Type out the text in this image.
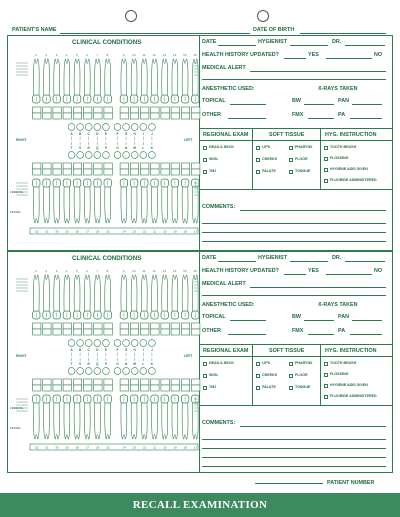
PATIENT'S NAME	DATE OF BIRTH
DATE	HYGIENIST	DR.
HEALTH HISTORY UPDATED?	YES	NO
MEDICAL ALERT
ANESTHETIC USED:	X-RAYS TAKEN
TOPICAL	BW	PAN
OTHER	FMX	PA
REGIONAL EXAM	SOFT TISSUE	HYG. INSTRUCTION
HEAD & NECK	LIPS	PHARYNX
SKIN	CHEEKS	FLOOR
TMJ	PALATE	TONGUE
TOOTH BRUSH
FLOSSING
HYGIENE AIDS GIVEN
FLUORIDE ADMINISTERED
COMMENTS:
CLINICAL CONDITIONS
1	2	3	4	5	6	7	8	9	10 11 12 13 14 15 16
A B C D E	F G H I J
T S R Q P	O N M L K
RIGHT	LEFT
LINGUAL
FACIAL
32 31 30 29 28 27 26 25	24 23 22 21 20 19 18 17
DATE	HYGIENIST	DR.
HEALTH HISTORY UPDATED?	YES	NO
MEDICAL ALERT
ANESTHETIC USED:	X-RAYS TAKEN
TOPICAL	BW	PAN
OTHER	FMX	PA
REGIONAL EXAM	SOFT TISSUE	HYG. INSTRUCTION
HEAD & NECK	LIPS	PHARYNX
SKIN	CHEEKS	FLOOR
TMJ	PALATE	TONGUE
TOOTH BRUSH
FLOSSING
HYGIENE AIDS GIVEN
FLUORIDE ADMINISTERED
COMMENTS:
CLINICAL CONDITIONS
1	2	3	4	5	6	7	8	9	10 11 12 13 14 15 16
A B C D E	F G H I J
T S R Q P	O N M L K
RIGHT	LEFT
LINGUAL
FACIAL
32 31 30 29 28 27 26 25	24 23 22 21 20 19 18 17
PATIENT NUMBER
RECALL EXAMINATION
